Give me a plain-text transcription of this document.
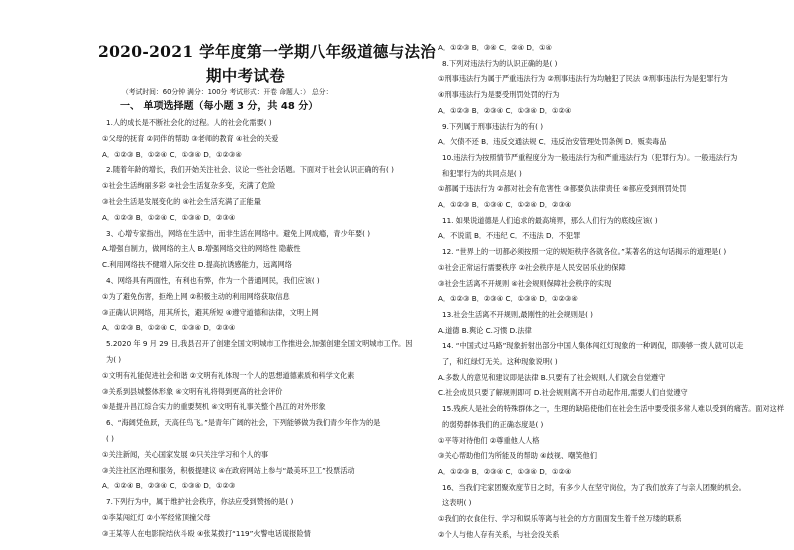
2020-2021 学年度第一学期八年级道德与法治
期中考试卷
（考试时间：60分钟 满分：100分 考试形式：开卷 命题人：） 总分：
一、 单项选择题（每小题 3 分，共 48 分）
1.人的成长是不断社会化的过程。人的社会化需要( )
①父母的抚育 ②同伴的帮助 ③老师的教育 ④社会的关爱
A．①②③ B．①②④ C．①③④ D．①②③④
2.随着年龄的增长，我们开始关注社会、议论一些社会话题。下面对于社会认识正确的有( )
①社会生活绚丽多彩 ②社会生活复杂多变，充满了危险
③社会生活是发展变化的 ④社会生活充满了正能量
A．①②③ B．①②④ C．①③④ D．②③④
3、心增专家指出，网络在生活中，而非生活在网络中。避免上网成瘾，青少年要( )
A.增强自制力，做网络的主人 B.增强网络交往的网络性 隐蔽性
C.利用网络扶不健增入际交往 D.提高抗诱感能力，远离网络
4、网络具有两面性，有利也有弊，作为一个普通网民，我们应该( )
①为了避免伤害，拒绝上网 ②积极主动的利用网络获取信息
③正确认识网络，用其所长，避其所短 ④遵守道德和法律，文明上网
A．①②③ B．①②④ C．①③④ D．②③④
5.2020 年 9 月 29 日,我县召开了创建全国文明城市工作推进会,加强创建全国文明城市工作。因
为( )
①文明有礼能促进社会和谐 ②文明有礼体现一个人的思想道德素质和科学文化素
③关系到县城整体形象 ④文明有礼将得到更高的社会评价
⑤是提升昌江综合实力的重要契机 ④文明有礼事关整个昌江的对外形象
6、“海阔凭鱼跃，天高任鸟飞。”是青年广阔的社会，下列能够做为我们青少年作为的是
( )
①关注新闻，关心国家发展 ②只关注学习和个人的事
③关注社区治理和服务，积极提建议 ④在政府网站上参与“最美环卫工”投票活动
A．①②④ B．②③④ C．①③④ D．①②③
7.下列行为中，属于维护社会秩序，你法应受到赞扬的是( )
①李某闯红灯 ②小军经常顶撞父母
③王某等人在电影院结伙斗殴 ④张某拨打“119”火警电话谎报险情
A．①②③ B．③④ C．②④ D．①④
8.下列对违法行为的认识正确的是( )
①刑事违法行为属于严重违法行为 ②刑事违法行为均触犯了民法 ③刑事违法行为是犯罪行为
④刑事违法行为是要受刑罚处罚的行为
A．①②③ B．②③④ C．①③④ D．①②④
9.下列属于刑事违法行为的有( )
A．欠债不还 B．违反交通法规 C．违反治安管理处罚条例 D．贩卖毒品
10.违法行为按照情节严重程度分为一般违法行为和严重违法行为（犯罪行为）。一般违法行为
和犯罪行为的共同点是( )
①都属于违法行为 ②都对社会有危害性 ③都要负法律责任 ④都应受到刑罚处罚
A．①②③ B．①③④ C．①②④ D．②③④
11. 如果说道德是人们追求的最高境界，那么人们行为的底线应该( )
A．不说谎 B．不违纪 C．不违法 D．不犯罪
12. “世界上的一切都必须按照一定的规矩秩序各就各位。”某著名的这句话揭示的道理是( )
①社会正常运行需要秩序 ②社会秩序是人民安居乐业的保障
③社会生活离不开规则 ④社会规则保障社会秩序的实现
A．①②③ B．②③④ C．①③④ D．①②③④
13.社会生活离不开规则,最刚性的社会规则是( )
A.道德 B.舆论 C.习惯 D.法律
14. “中国式过马路”现象折射出部分中国人集体闯红灯现象的一种调侃，即凑够一拨人就可以走
了，和红绿灯无关。这种现象说明( )
A.多数人的意见和建议即是法律 B.只要有了社会规则,人们就会自觉遵守
C.社会成员只要了解规则即可 D.社会规则离不开自动起作用,需要人们自觉遵守
15.残疾人是社会的特殊群体之一，生理的缺陷使他们在社会生活中要受很多常人难以受到的痛苦。面对这样
的弱势群体我们的正确态度是( )
①平等对待他们 ②尊重他人人格
③关心帮助他们为所能及的帮助 ④歧视、嘲笑他们
A．①②③ B．②③④ C．①③④ D．①②④
16、当我们宅家团聚欢度节日之时，有多少人在坚守岗位，为了我们放弃了与亲人团聚的机会。
这表明( )
①我们的衣食住行、学习和娱乐等离与社会的方方面面发生着千丝万缕的联系
②个人与他人存有关系，与社会没关系
